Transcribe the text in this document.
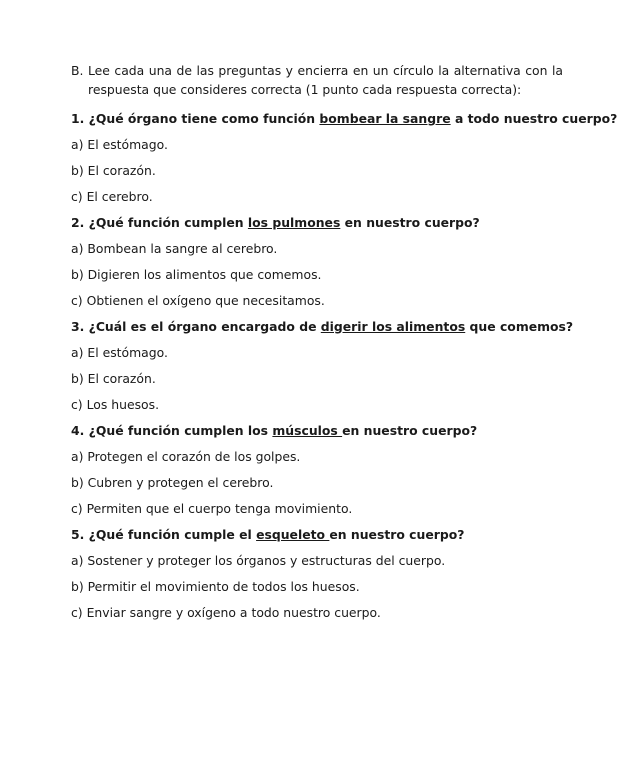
B. Lee cada una de las preguntas y encierra en un círculo la alternativa con la respuesta que consideres correcta (1 punto cada respuesta correcta):
1. ¿Qué órgano tiene como función bombear la sangre a todo nuestro cuerpo?
a) El estómago.
b) El corazón.
c) El cerebro.
2. ¿Qué función cumplen los pulmones en nuestro cuerpo?
a) Bombean la sangre al cerebro.
b) Digieren los alimentos que comemos.
c) Obtienen el oxígeno que necesitamos.
3. ¿Cuál es el órgano encargado de digerir los alimentos que comemos?
a) El estómago.
b) El corazón.
c) Los huesos.
4. ¿Qué función cumplen los músculos en nuestro cuerpo?
a) Protegen el corazón de los golpes.
b) Cubren y protegen el cerebro.
c) Permiten que el cuerpo tenga movimiento.
5. ¿Qué función cumple el esqueleto en nuestro cuerpo?
a) Sostener y proteger los órganos y estructuras del cuerpo.
b) Permitir el movimiento de todos los huesos.
c) Enviar sangre y oxígeno a todo nuestro cuerpo.
